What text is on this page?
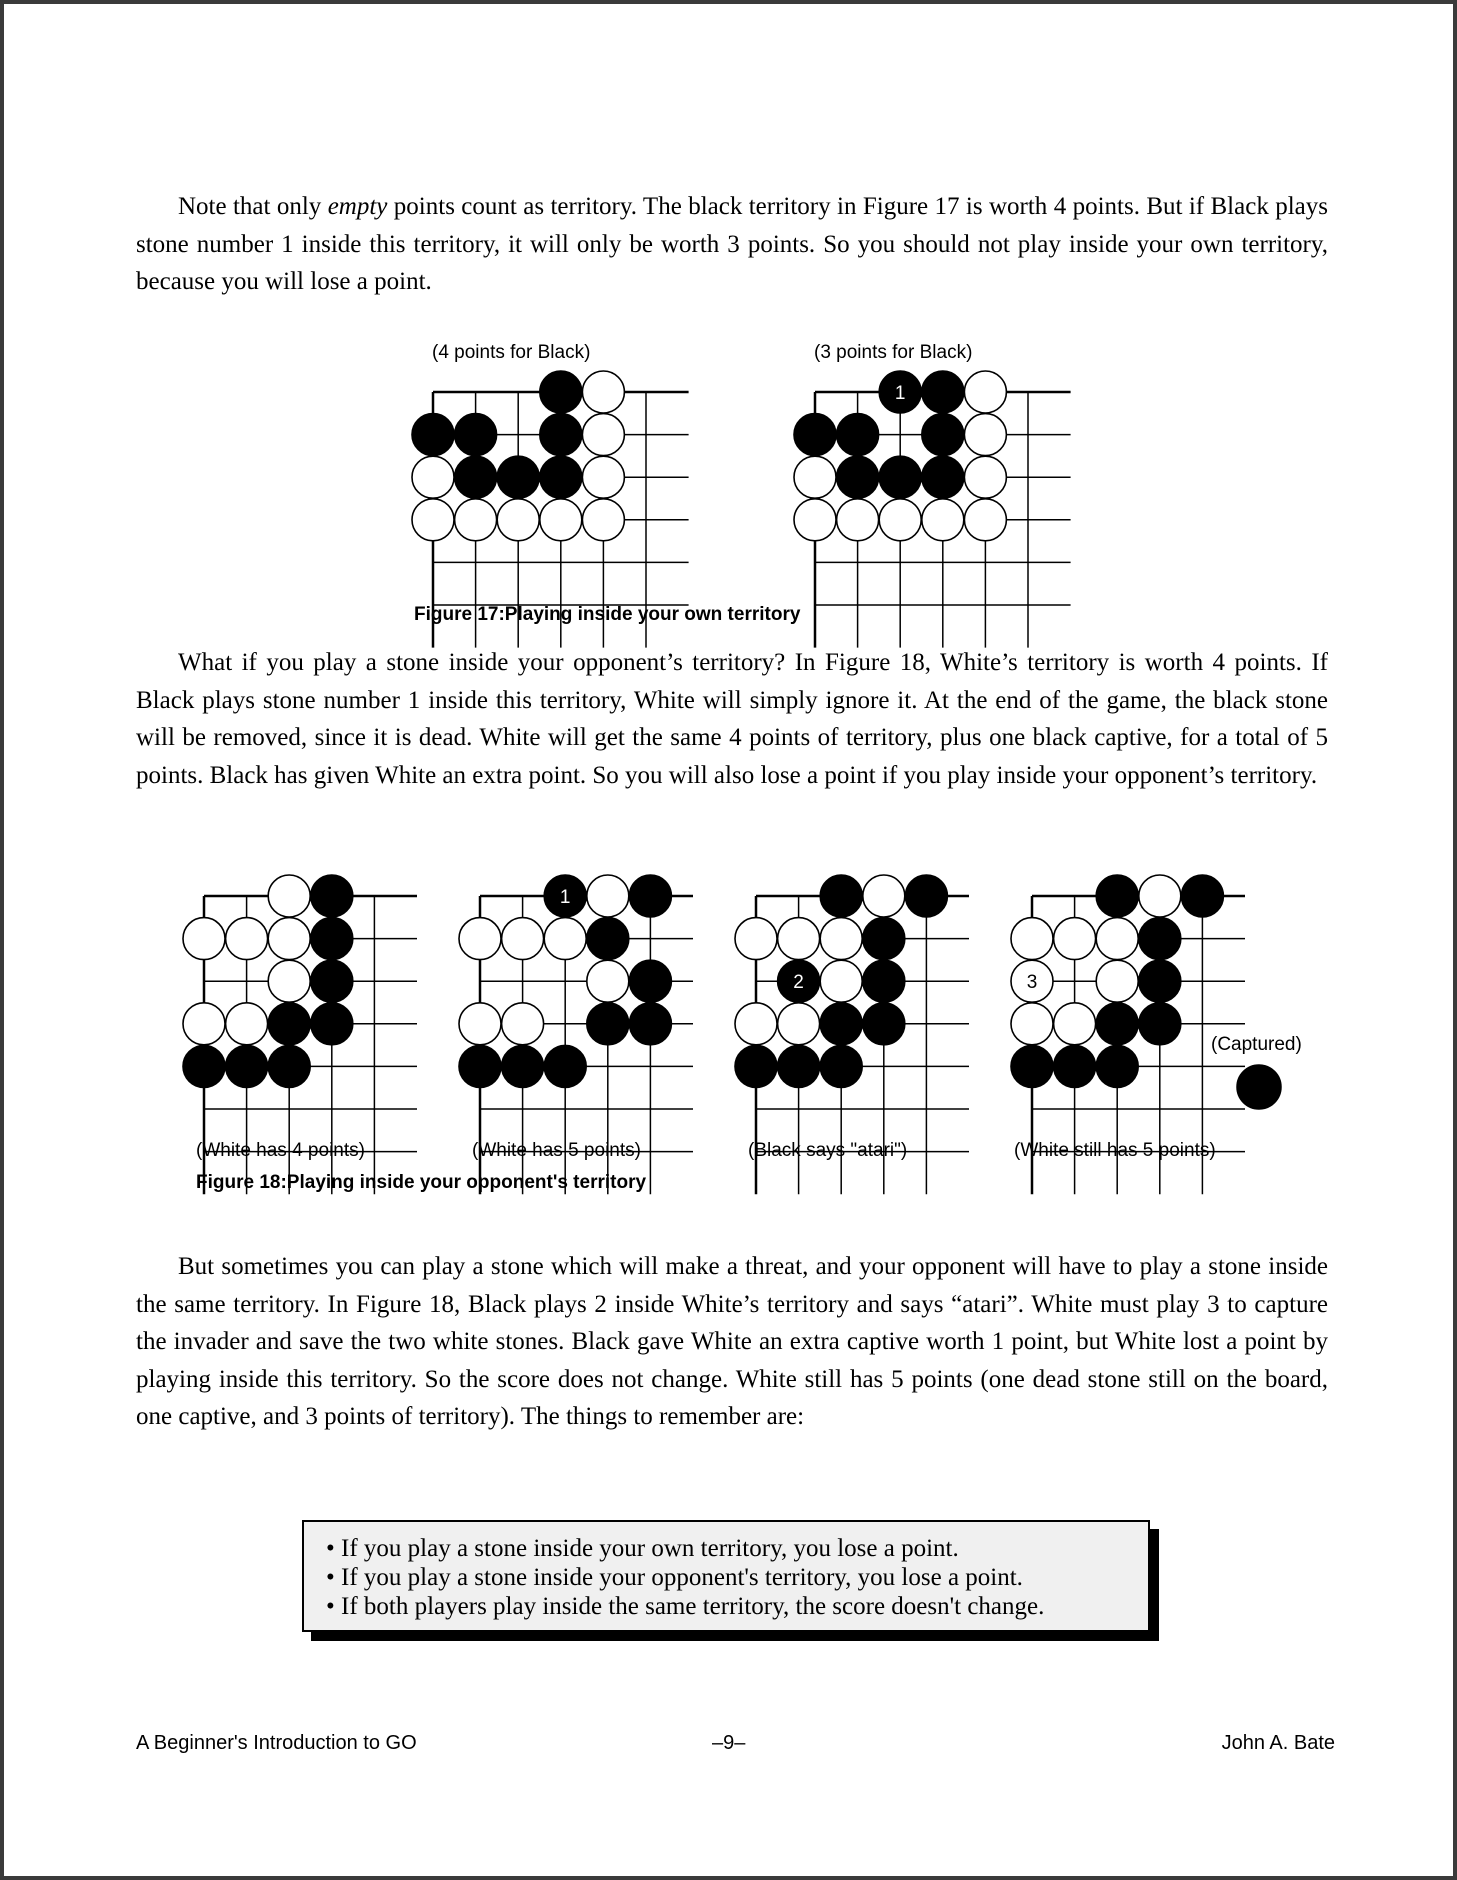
Note that only empty points count as territory. The black territory in Figure 17 is worth 4 points. But if Black plays stone number 1 inside this territory, it will only be worth 3 points. So you should not play inside your own territory, because you will lose a point.

(4 points for Black)	(3 points for Black)
1
Figure 17:Playing inside your own territory

What if you play a stone inside your opponent’s territory? In Figure 18, White’s territory is worth 4 points. If Black plays stone number 1 inside this territory, White will simply ignore it. At the end of the game, the black stone will be removed, since it is dead. White will get the same 4 points of territory, plus one black captive, for a total of 5 points. Black has given White an extra point. So you will also lose a point if you play inside your opponent’s territory.

1
2	3
(Captured)
(White has 4 points)	(White has 5 points)	(Black says "atari")	(White still has 5 points)
Figure 18:Playing inside your opponent's territory

But sometimes you can play a stone which will make a threat, and your opponent will have to play a stone inside the same territory. In Figure 18, Black plays 2 inside White’s territory and says “atari”. White must play 3 to capture the invader and save the two white stones. Black gave White an extra captive worth 1 point, but White lost a point by playing inside this territory. So the score does not change. White still has 5 points (one dead stone still on the board, one captive, and 3 points of territory). The things to remember are:

• If you play a stone inside your own territory, you lose a point.
• If you play a stone inside your opponent's territory, you lose a point.
• If both players play inside the same territory, the score doesn't change.
A Beginner's Introduction to GO	–9–	John A. Bate
